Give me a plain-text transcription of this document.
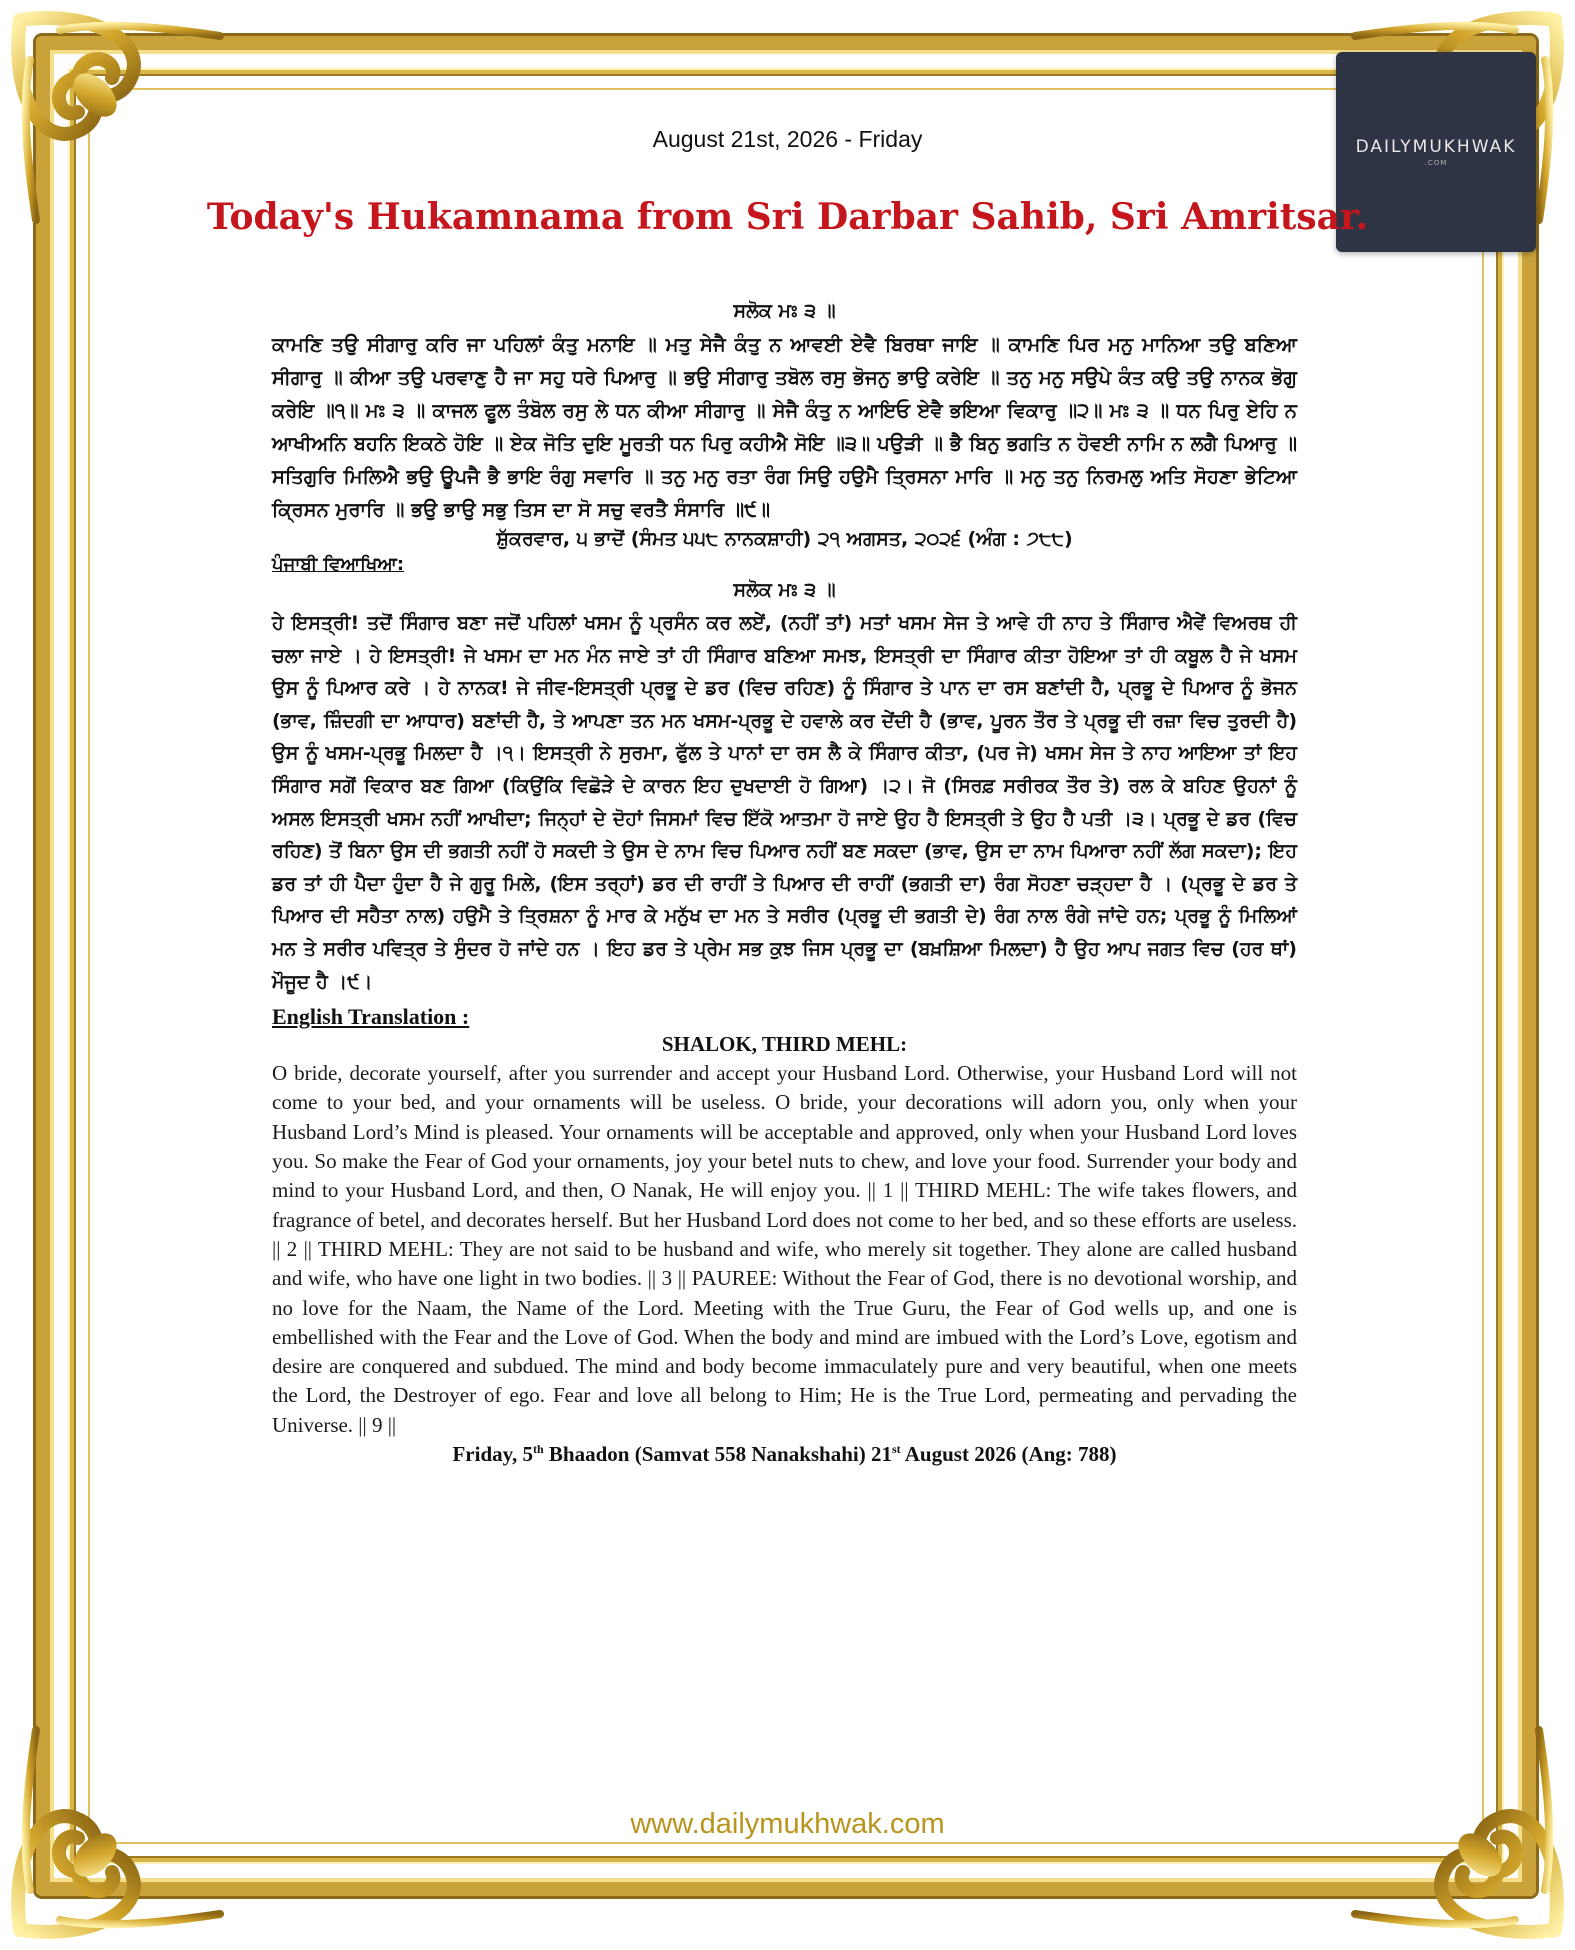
DAILYMUKHWAK
.COM
August 21st, 2026 - Friday
Today's Hukamnama from Sri Darbar Sahib, Sri Amritsar.
ਸਲੋਕ ਮਃ ੩ ॥

ਕਾਮਣਿ ਤਉ ਸੀਗਾਰੁ ਕਰਿ ਜਾ ਪਹਿਲਾਂ ਕੰਤੁ ਮਨਾਇ ॥ ਮਤੁ ਸੇਜੈ ਕੰਤੁ ਨ ਆਵਈ ਏਵੈ ਬਿਰਥਾ ਜਾਇ ॥ ਕਾਮਣਿ ਪਿਰ ਮਨੁ ਮਾਨਿਆ ਤਉ ਬਣਿਆ ਸੀਗਾਰੁ ॥ ਕੀਆ ਤਉ ਪਰਵਾਣੁ ਹੈ ਜਾ ਸਹੁ ਧਰੇ ਪਿਆਰੁ ॥ ਭਉ ਸੀਗਾਰੁ ਤਬੋਲ ਰਸੁ ਭੋਜਨੁ ਭਾਉ ਕਰੇਇ ॥ ਤਨੁ ਮਨੁ ਸਉਪੇ ਕੰਤ ਕਉ ਤਉ ਨਾਨਕ ਭੋਗੁ ਕਰੇਇ ॥੧॥ ਮਃ ੩ ॥ ਕਾਜਲ ਫੂਲ ਤੰਬੋਲ ਰਸੁ ਲੇ ਧਨ ਕੀਆ ਸੀਗਾਰੁ ॥ ਸੇਜੈ ਕੰਤੁ ਨ ਆਇਓ ਏਵੈ ਭਇਆ ਵਿਕਾਰੁ ॥੨॥ ਮਃ ੩ ॥ ਧਨ ਪਿਰੁ ਏਹਿ ਨ ਆਖੀਅਨਿ ਬਹਨਿ ਇਕਠੇ ਹੋਇ ॥ ਏਕ ਜੋਤਿ ਦੁਇ ਮੂਰਤੀ ਧਨ ਪਿਰੁ ਕਹੀਐ ਸੋਇ ॥੩॥ ਪਉੜੀ ॥ ਭੈ ਬਿਨੁ ਭਗਤਿ ਨ ਹੋਵਈ ਨਾਮਿ ਨ ਲਗੈ ਪਿਆਰੁ ॥ ਸਤਿਗੁਰਿ ਮਿਲਿਐ ਭਉ ਊਪਜੈ ਭੈ ਭਾਇ ਰੰਗੁ ਸਵਾਰਿ ॥ ਤਨੁ ਮਨੁ ਰਤਾ ਰੰਗ ਸਿਉ ਹਉਮੈ ਤ੍ਰਿਸਨਾ ਮਾਰਿ ॥ ਮਨੁ ਤਨੁ ਨਿਰਮਲੁ ਅਤਿ ਸੋਹਣਾ ਭੇਟਿਆ ਕ੍ਰਿਸਨ ਮੁਰਾਰਿ ॥ ਭਉ ਭਾਉ ਸਭੁ ਤਿਸ ਦਾ ਸੋ ਸਚੁ ਵਰਤੈ ਸੰਸਾਰਿ ॥੯॥

ਸ਼ੁੱਕਰਵਾਰ, ੫ ਭਾਦੋਂ (ਸੰਮਤ ੫੫੮ ਨਾਨਕਸ਼ਾਹੀ) ੨੧ ਅਗਸਤ, ੨੦੨੬ (ਅੰਗ : ੭੮੮)
ਪੰਜਾਬੀ ਵਿਆਖਿਆ:
ਸਲੋਕ ਮਃ ੩ ॥

ਹੇ ਇਸਤ੍ਰੀ! ਤਦੋਂ ਸਿੰਗਾਰ ਬਣਾ ਜਦੋਂ ਪਹਿਲਾਂ ਖਸਮ ਨੂੰ ਪ੍ਰਸੰਨ ਕਰ ਲਏਂ, (ਨਹੀਂ ਤਾਂ) ਮਤਾਂ ਖਸਮ ਸੇਜ ਤੇ ਆਵੇ ਹੀ ਨਾਹ ਤੇ ਸਿੰਗਾਰ ਐਵੇਂ ਵਿਅਰਥ ਹੀ ਚਲਾ ਜਾਏ । ਹੇ ਇਸਤ੍ਰੀ! ਜੇ ਖਸਮ ਦਾ ਮਨ ਮੰਨ ਜਾਏ ਤਾਂ ਹੀ ਸਿੰਗਾਰ ਬਣਿਆ ਸਮਝ, ਇਸਤ੍ਰੀ ਦਾ ਸਿੰਗਾਰ ਕੀਤਾ ਹੋਇਆ ਤਾਂ ਹੀ ਕਬੂਲ ਹੈ ਜੇ ਖਸਮ ਉਸ ਨੂੰ ਪਿਆਰ ਕਰੇ । ਹੇ ਨਾਨਕ! ਜੇ ਜੀਵ-ਇਸਤ੍ਰੀ ਪ੍ਰਭੂ ਦੇ ਡਰ (ਵਿਚ ਰਹਿਣ) ਨੂੰ ਸਿੰਗਾਰ ਤੇ ਪਾਨ ਦਾ ਰਸ ਬਣਾਂਦੀ ਹੈ, ਪ੍ਰਭੂ ਦੇ ਪਿਆਰ ਨੂੰ ਭੋਜਨ (ਭਾਵ, ਜ਼ਿੰਦਗੀ ਦਾ ਆਧਾਰ) ਬਣਾਂਦੀ ਹੈ, ਤੇ ਆਪਣਾ ਤਨ ਮਨ ਖਸਮ-ਪ੍ਰਭੂ ਦੇ ਹਵਾਲੇ ਕਰ ਦੇਂਦੀ ਹੈ (ਭਾਵ, ਪੂਰਨ ਤੌਰ ਤੇ ਪ੍ਰਭੂ ਦੀ ਰਜ਼ਾ ਵਿਚ ਤੁਰਦੀ ਹੈ) ਉਸ ਨੂੰ ਖਸਮ-ਪ੍ਰਭੂ ਮਿਲਦਾ ਹੈ ।੧। ਇਸਤ੍ਰੀ ਨੇ ਸੁਰਮਾ, ਫੁੱਲ ਤੇ ਪਾਨਾਂ ਦਾ ਰਸ ਲੈ ਕੇ ਸਿੰਗਾਰ ਕੀਤਾ, (ਪਰ ਜੇ) ਖਸਮ ਸੇਜ ਤੇ ਨਾਹ ਆਇਆ ਤਾਂ ਇਹ ਸਿੰਗਾਰ ਸਗੋਂ ਵਿਕਾਰ ਬਣ ਗਿਆ (ਕਿਉਂਕਿ ਵਿਛੋੜੇ ਦੇ ਕਾਰਨ ਇਹ ਦੁਖਦਾਈ ਹੋ ਗਿਆ) ।੨। ਜੋ (ਸਿਰਫ਼ ਸਰੀਰਕ ਤੌਰ ਤੇ) ਰਲ ਕੇ ਬਹਿਣ ਉਹਨਾਂ ਨੂੰ ਅਸਲ ਇਸਤ੍ਰੀ ਖਸਮ ਨਹੀਂ ਆਖੀਦਾ; ਜਿਨ੍ਹਾਂ ਦੇ ਦੋਹਾਂ ਜਿਸਮਾਂ ਵਿਚ ਇੱਕੋ ਆਤਮਾ ਹੋ ਜਾਏ ਉਹ ਹੈ ਇਸਤ੍ਰੀ ਤੇ ਉਹ ਹੈ ਪਤੀ ।੩। ਪ੍ਰਭੂ ਦੇ ਡਰ (ਵਿਚ ਰਹਿਣ) ਤੋਂ ਬਿਨਾ ਉਸ ਦੀ ਭਗਤੀ ਨਹੀਂ ਹੋ ਸਕਦੀ ਤੇ ਉਸ ਦੇ ਨਾਮ ਵਿਚ ਪਿਆਰ ਨਹੀਂ ਬਣ ਸਕਦਾ (ਭਾਵ, ਉਸ ਦਾ ਨਾਮ ਪਿਆਰਾ ਨਹੀਂ ਲੱਗ ਸਕਦਾ); ਇਹ ਡਰ ਤਾਂ ਹੀ ਪੈਦਾ ਹੁੰਦਾ ਹੈ ਜੇ ਗੁਰੂ ਮਿਲੇ, (ਇਸ ਤਰ੍ਹਾਂ) ਡਰ ਦੀ ਰਾਹੀਂ ਤੇ ਪਿਆਰ ਦੀ ਰਾਹੀਂ (ਭਗਤੀ ਦਾ) ਰੰਗ ਸੋਹਣਾ ਚੜ੍ਹਦਾ ਹੈ । (ਪ੍ਰਭੂ ਦੇ ਡਰ ਤੇ ਪਿਆਰ ਦੀ ਸਹੈਤਾ ਨਾਲ) ਹਉਮੈ ਤੇ ਤ੍ਰਿਸ਼ਨਾ ਨੂੰ ਮਾਰ ਕੇ ਮਨੁੱਖ ਦਾ ਮਨ ਤੇ ਸਰੀਰ (ਪ੍ਰਭੂ ਦੀ ਭਗਤੀ ਦੇ) ਰੰਗ ਨਾਲ ਰੰਗੇ ਜਾਂਦੇ ਹਨ; ਪ੍ਰਭੂ ਨੂੰ ਮਿਲਿਆਂ ਮਨ ਤੇ ਸਰੀਰ ਪਵਿਤ੍ਰ ਤੇ ਸੁੰਦਰ ਹੋ ਜਾਂਦੇ ਹਨ । ਇਹ ਡਰ ਤੇ ਪ੍ਰੇਮ ਸਭ ਕੁਝ ਜਿਸ ਪ੍ਰਭੂ ਦਾ (ਬਖ਼ਸ਼ਿਆ ਮਿਲਦਾ) ਹੈ ਉਹ ਆਪ ਜਗਤ ਵਿਚ (ਹਰ ਥਾਂ) ਮੌਜੂਦ ਹੈ ।੯।

English Translation :
SHALOK, THIRD MEHL:

O bride, decorate yourself, after you surrender and accept your Husband Lord. Otherwise, your Husband Lord will not come to your bed, and your ornaments will be useless. O bride, your decorations will adorn you, only when your Husband Lord’s Mind is pleased. Your ornaments will be acceptable and approved, only when your Husband Lord loves you. So make the Fear of God your ornaments, joy your betel nuts to chew, and love your food. Surrender your body and mind to your Husband Lord, and then, O Nanak, He will enjoy you. || 1 || THIRD MEHL: The wife takes flowers, and fragrance of betel, and decorates herself. But her Husband Lord does not come to her bed, and so these efforts are useless. || 2 || THIRD MEHL: They are not said to be husband and wife, who merely sit together. They alone are called husband and wife, who have one light in two bodies. || 3 || PAUREE: Without the Fear of God, there is no devotional worship, and no love for the Naam, the Name of the Lord. Meeting with the True Guru, the Fear of God wells up, and one is embellished with the Fear and the Love of God. When the body and mind are imbued with the Lord’s Love, egotism and desire are conquered and subdued. The mind and body become immaculately pure and very beautiful, when one meets the Lord, the Destroyer of ego. Fear and love all belong to Him; He is the True Lord, permeating and pervading the Universe. || 9 ||

Friday, 5th Bhaadon (Samvat 558 Nanakshahi) 21st August 2026 (Ang: 788)
www.dailymukhwak.com
